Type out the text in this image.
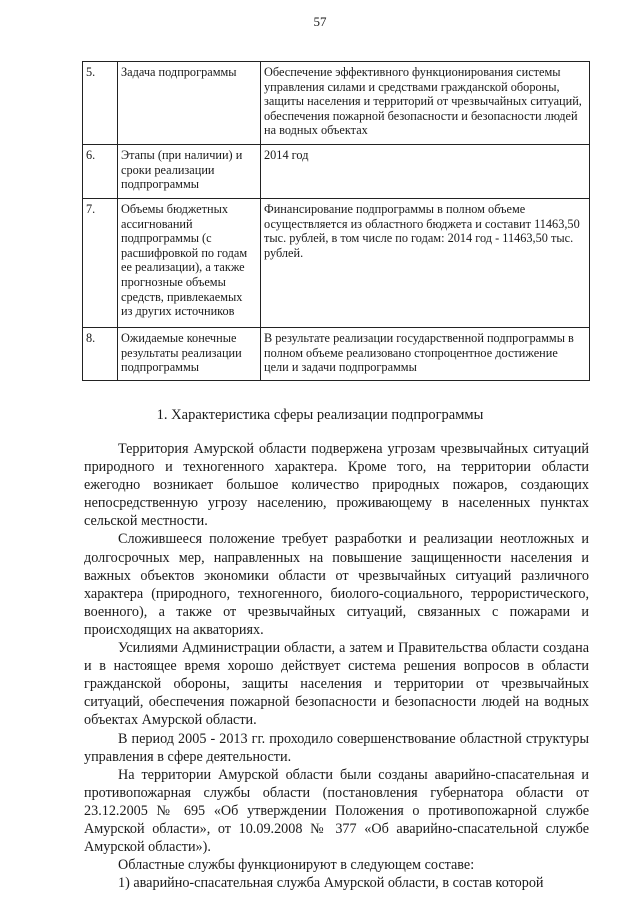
57
5.	Задача подпрограммы	Обеспечение эффективного функционирования системы управления силами и средствами гражданской обороны, защиты населения и территорий от чрезвычайных ситуаций, обеспечения пожарной безопасности и безопасности людей на водных объектах
6.	Этапы (при наличии) и сроки реализации подпрограммы	2014 год
7.	Объемы бюджетных ассигнований подпрограммы (с расшифровкой по годам ее реализации), а также прогнозные объемы средств, привлекаемых из других источников	Финансирование подпрограммы в полном объеме осуществляется из областного бюджета и составит 11463,50 тыс. рублей, в том числе по годам: 2014 год - 11463,50 тыс. рублей.
8.	Ожидаемые конечные результаты реализации подпрограммы	В результате реализации государственной подпрограммы в полном объеме реализовано стопроцентное достижение цели и задачи подпрограммы
1. Характеристика сферы реализации подпрограммы

Территория Амурской области подвержена угрозам чрезвычайных ситуаций природного и техногенного характера. Кроме того, на территории области ежегодно возникает большое количество природных пожаров, создающих непосредственную угрозу населению, проживающему в населенных пунктах сельской местности.

Сложившееся положение требует разработки и реализации неотложных и долгосрочных мер, направленных на повышение защищенности населения и важных объектов экономики области от чрезвычайных ситуаций различного характера (природного, техногенного, биолого-социального, террористического, военного), а также от чрезвычайных ситуаций, связанных с пожарами и происходящих на акваториях.

Усилиями Администрации области, а затем и Правительства области создана и в настоящее время хорошо действует система решения вопросов в области гражданской обороны, защиты населения и территории от чрезвычайных ситуаций, обеспечения пожарной безопасности и безопасности людей на водных объектах Амурской области.

В период 2005 - 2013 гг. проходило совершенствование областной структуры управления в сфере деятельности.

На территории Амурской области были созданы аварийно-спасательная и противопожарная службы области (постановления губернатора области от 23.12.2005 № 695 «Об утверждении Положения о противопожарной службе Амурской области», от 10.09.2008 № 377 «Об аварийно-спасательной службе Амурской области»).

Областные службы функционируют в следующем составе:

1) аварийно-спасательная служба Амурской области, в состав которой
